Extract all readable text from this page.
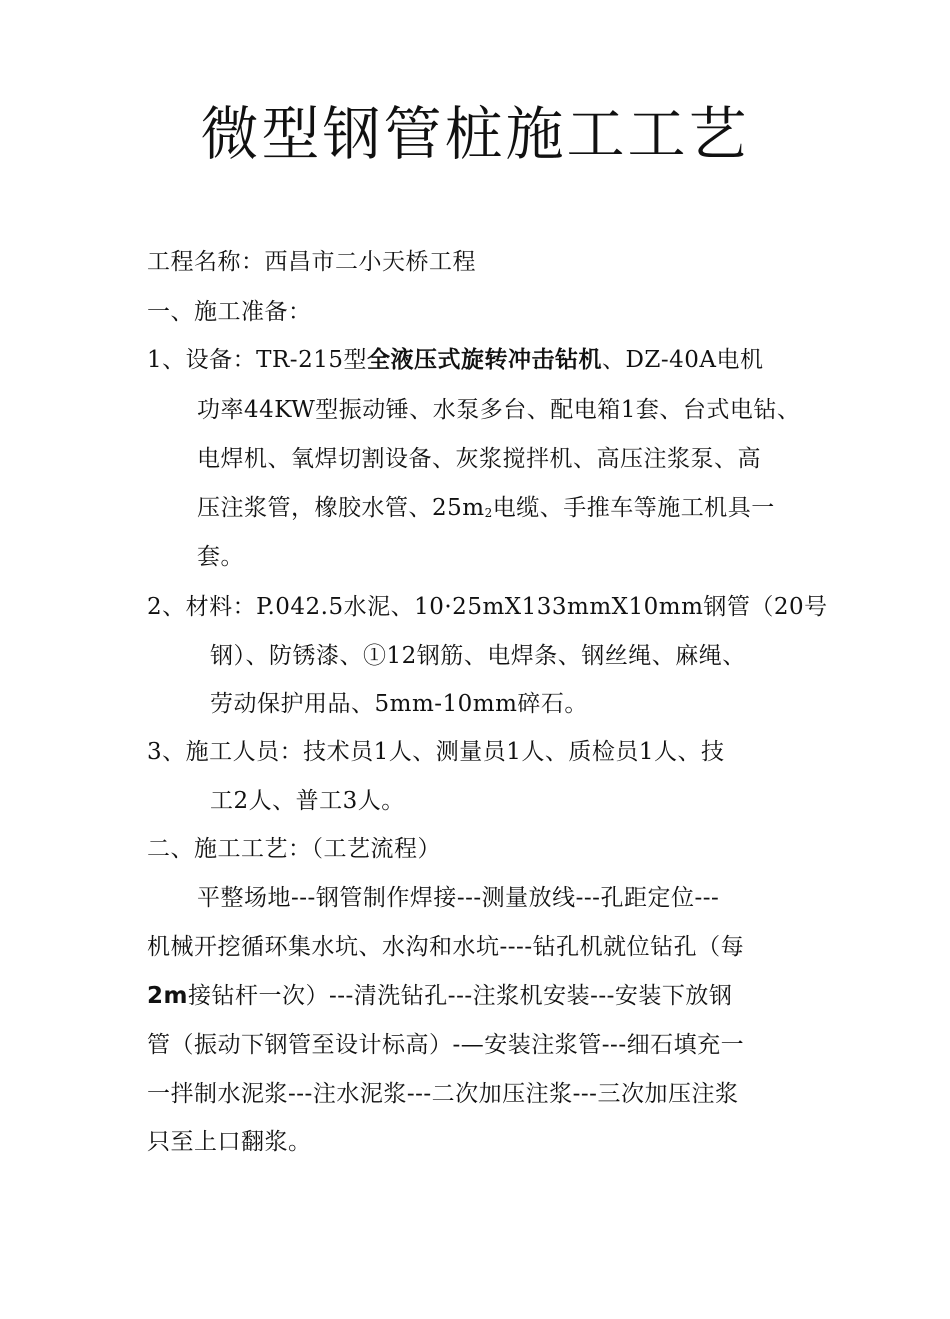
微型钢管桩施工工艺
工程名称：西昌市二小天桥工程
一、施工准备：
1、设备：TR-215型全液压式旋转冲击钻机、DZ-40A电机
功率44KW型振动锤、水泵多台、配电箱1套、台式电钻、
电焊机、氧焊切割设备、灰浆搅拌机、高压注浆泵、高
压注浆管，橡胶水管、25m2电缆、手推车等施工机具一
套。
2、材料：P.042.5水泥、10·25mX133mmX10mm钢管（20号
钢）、防锈漆、①12钢筋、电焊条、钢丝绳、麻绳、
劳动保护用品、5mm-10mm碎石。
3、施工人员：技术员1人、测量员1人、质检员1人、技
工2人、普工3人。
二、施工工艺：（工艺流程）
平整场地---钢管制作焊接---测量放线---孔距定位---
机械开挖循环集水坑、水沟和水坑----钻孔机就位钻孔（每
2m接钻杆一次）---清洗钻孔---注浆机安装---安装下放钢
管（振动下钢管至设计标高）-—安装注浆管---细石填充一
一拌制水泥浆---注水泥浆---二次加压注浆---三次加压注浆
只至上口翻浆。
